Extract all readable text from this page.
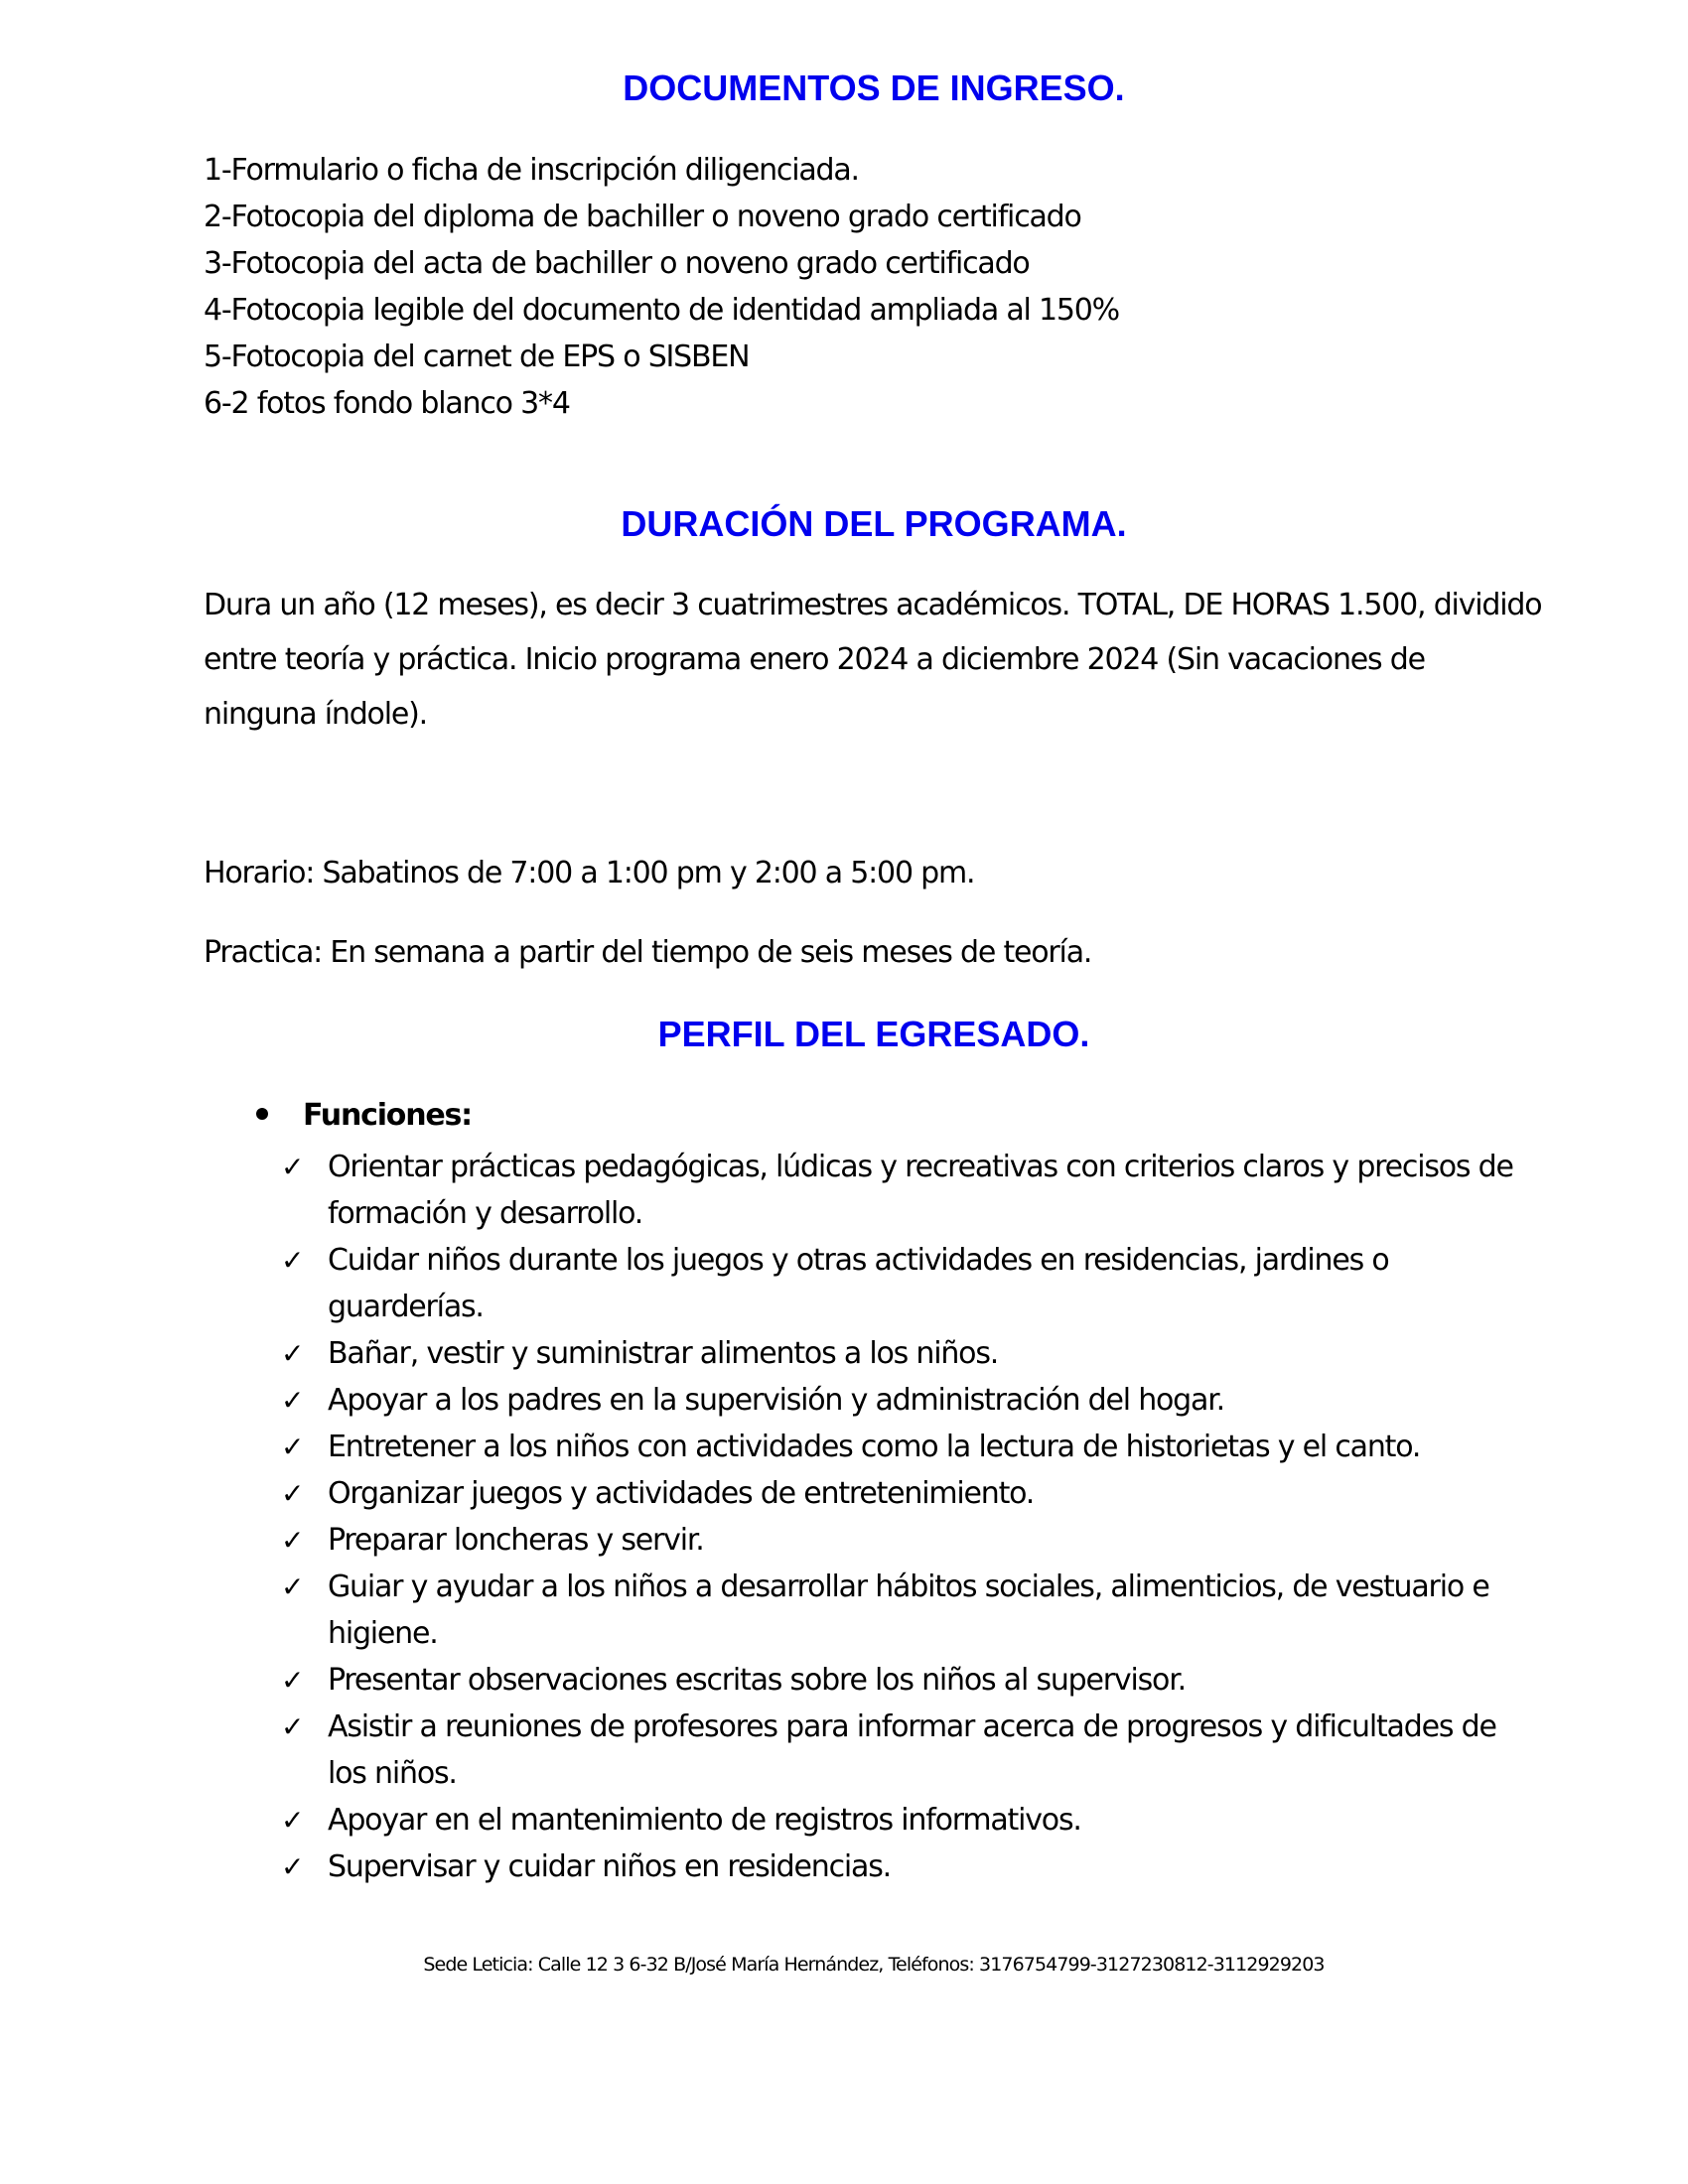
DOCUMENTOS DE INGRESO.
1-Formulario o ficha de inscripción diligenciada.
2-Fotocopia del diploma de bachiller o noveno grado certificado
3-Fotocopia del acta de bachiller o noveno grado certificado
4-Fotocopia legible del documento de identidad ampliada al 150%
5-Fotocopia del carnet de EPS o SISBEN
6-2 fotos fondo blanco 3*4
DURACIÓN DEL PROGRAMA.

Dura un año (12 meses), es decir 3 cuatrimestres académicos. TOTAL, DE HORAS 1.500, dividido entre teoría y práctica. Inicio programa enero 2024 a diciembre 2024 (Sin vacaciones de ninguna índole).

Horario: Sabatinos de 7:00 a 1:00 pm y 2:00 a 5:00 pm.

Practica: En semana a partir del tiempo de seis meses de teoría.

PERFIL DEL EGRESADO.
Funciones:
✓ Orientar prácticas pedagógicas, lúdicas y recreativas con criterios claros y precisos de formación y desarrollo.
✓ Cuidar niños durante los juegos y otras actividades en residencias, jardines o guarderías.
✓ Bañar, vestir y suministrar alimentos a los niños.
✓ Apoyar a los padres en la supervisión y administración del hogar.
✓ Entretener a los niños con actividades como la lectura de historietas y el canto.
✓ Organizar juegos y actividades de entretenimiento.
✓ Preparar loncheras y servir.
✓ Guiar y ayudar a los niños a desarrollar hábitos sociales, alimenticios, de vestuario e higiene.
✓ Presentar observaciones escritas sobre los niños al supervisor.
✓ Asistir a reuniones de profesores para informar acerca de progresos y dificultades de los niños.
✓ Apoyar en el mantenimiento de registros informativos.
✓ Supervisar y cuidar niños en residencias.
Sede Leticia: Calle 12 3 6-32 B/José María Hernández, Teléfonos: 3176754799-3127230812-3112929203
